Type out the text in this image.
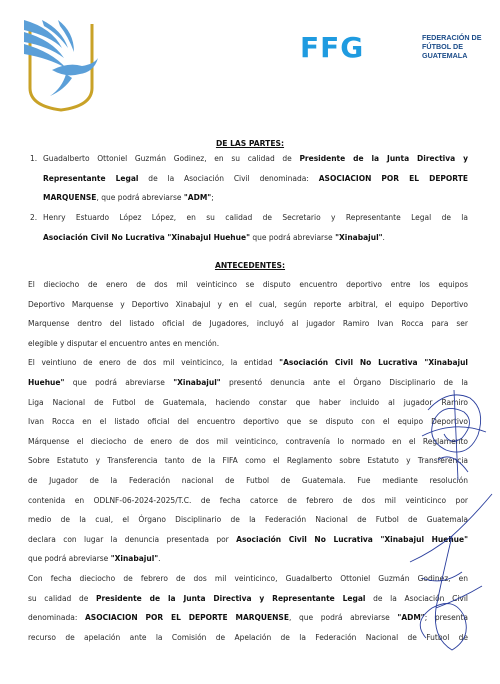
FFG	FEDERACIÓN DE
FÚTBOL DE
GUATEMALA
DE LAS PARTES:
1. Guadalberto Ottoniel Guzmán Godinez, en su calidad de Presidente de la Junta Directiva y
Representante Legal de la Asociación Civil denominada: ASOCIACION POR EL DEPORTE
MARQUENSE, que podrá abreviarse "ADM";
2. Henry Estuardo López López, en su calidad de Secretario y Representante Legal de la
Asociación Civil No Lucrativa "Xinabajul Huehue" que podrá abreviarse "Xinabajul".
ANTECEDENTES:
El dieciocho de enero de dos mil veinticinco se disputo encuentro deportivo entre los equipos
Deportivo Marquense y Deportivo Xinabajul y en el cual, según reporte arbitral, el equipo Deportivo
Marquense dentro del listado oficial de Jugadores, incluyó al jugador Ramiro Ivan Rocca para ser
elegible y disputar el encuentro antes en mención.
El veintiuno de enero de dos mil veinticinco, la entidad "Asociación Civil No Lucrativa "Xinabajul
Huehue" que podrá abreviarse "Xinabajul" presentó denuncia ante el Órgano Disciplinario de la
Liga Nacional de Futbol de Guatemala, haciendo constar que haber incluido al jugador Ramiro
Ivan Rocca en el listado oficial del encuentro deportivo que se disputo con el equipo Deportivo
Márquense el dieciocho de enero de dos mil veinticinco, contravenía lo normado en el Reglamento
Sobre Estatuto y Transferencia tanto de la FIFA como el Reglamento sobre Estatuto y Transferencia
de Jugador de la Federación nacional de Futbol de Guatemala. Fue mediante resolución
contenida en ODLNF-06-2024-2025/T.C. de fecha catorce de febrero de dos mil veinticinco por
medio de la cual, el Órgano Disciplinario de la Federación Nacional de Futbol de Guatemala
declara con lugar la denuncia presentada por Asociación Civil No Lucrativa "Xinabajul Huehue"
que podrá abreviarse "Xinabajul".
Con fecha dieciocho de febrero de dos mil veinticinco, Guadalberto Ottoniel Guzmán Godinez, en
su calidad de Presidente de la Junta Directiva y Representante Legal de la Asociación Civil
denominada: ASOCIACION POR EL DEPORTE MARQUENSE, que podrá abreviarse "ADM"; presenta
recurso de apelación ante la Comisión de Apelación de la Federación Nacional de Futbol de
